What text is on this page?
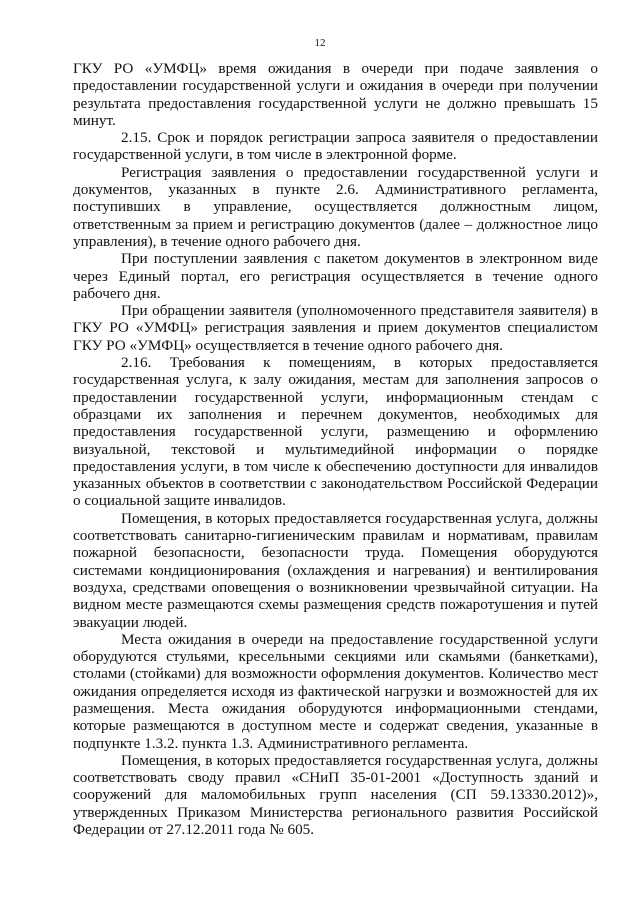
12

ГКУ РО «УМФЦ» время ожидания в очереди при подаче заявления о предоставлении государственной услуги и ожидания в очереди при получении результата предоставления государственной услуги не должно превышать 15 минут.

2.15. Срок и порядок регистрации запроса заявителя о предоставлении государственной услуги, в том числе в электронной форме.

Регистрация заявления о предоставлении государственной услуги и документов, указанных в пункте 2.6. Административного регламента, поступивших в управление, осуществляется должностным лицом, ответственным за прием и регистрацию документов (далее – должностное лицо управления), в течение одного рабочего дня.

При поступлении заявления с пакетом документов в электронном виде через Единый портал, его регистрация осуществляется в течение одного рабочего дня.

При обращении заявителя (уполномоченного представителя заявителя) в ГКУ РО «УМФЦ» регистрация заявления и прием документов специалистом ГКУ РО «УМФЦ» осуществляется в течение одного рабочего дня.

2.16. Требования к помещениям, в которых предоставляется государственная услуга, к залу ожидания, местам для заполнения запросов о предоставлении государственной услуги, информационным стендам с образцами их заполнения и перечнем документов, необходимых для предоставления государственной услуги, размещению и оформлению визуальной, текстовой и мультимедийной информации о порядке предоставления услуги, в том числе к обеспечению доступности для инвалидов указанных объектов в соответствии с законодательством Российской Федерации о социальной защите инвалидов.

Помещения, в которых предоставляется государственная услуга, должны соответствовать санитарно-гигиеническим правилам и нормативам, правилам пожарной безопасности, безопасности труда. Помещения оборудуются системами кондиционирования (охлаждения и нагревания) и вентилирования воздуха, средствами оповещения о возникновении чрезвычайной ситуации. На видном месте размещаются схемы размещения средств пожаротушения и путей эвакуации людей.

Места ожидания в очереди на предоставление государственной услуги оборудуются стульями, кресельными секциями или скамьями (банкетками), столами (стойками) для возможности оформления документов. Количество мест ожидания определяется исходя из фактической нагрузки и возможностей для их размещения. Места ожидания оборудуются информационными стендами, которые размещаются в доступном месте и содержат сведения, указанные в подпункте 1.3.2. пункта 1.3. Административного регламента.

Помещения, в которых предоставляется государственная услуга, должны соответствовать своду правил «СНиП 35-01-2001 «Доступность зданий и сооружений для маломобильных групп населения (СП 59.13330.2012)», утвержденных Приказом Министерства регионального развития Российской Федерации от 27.12.2011 года № 605.
